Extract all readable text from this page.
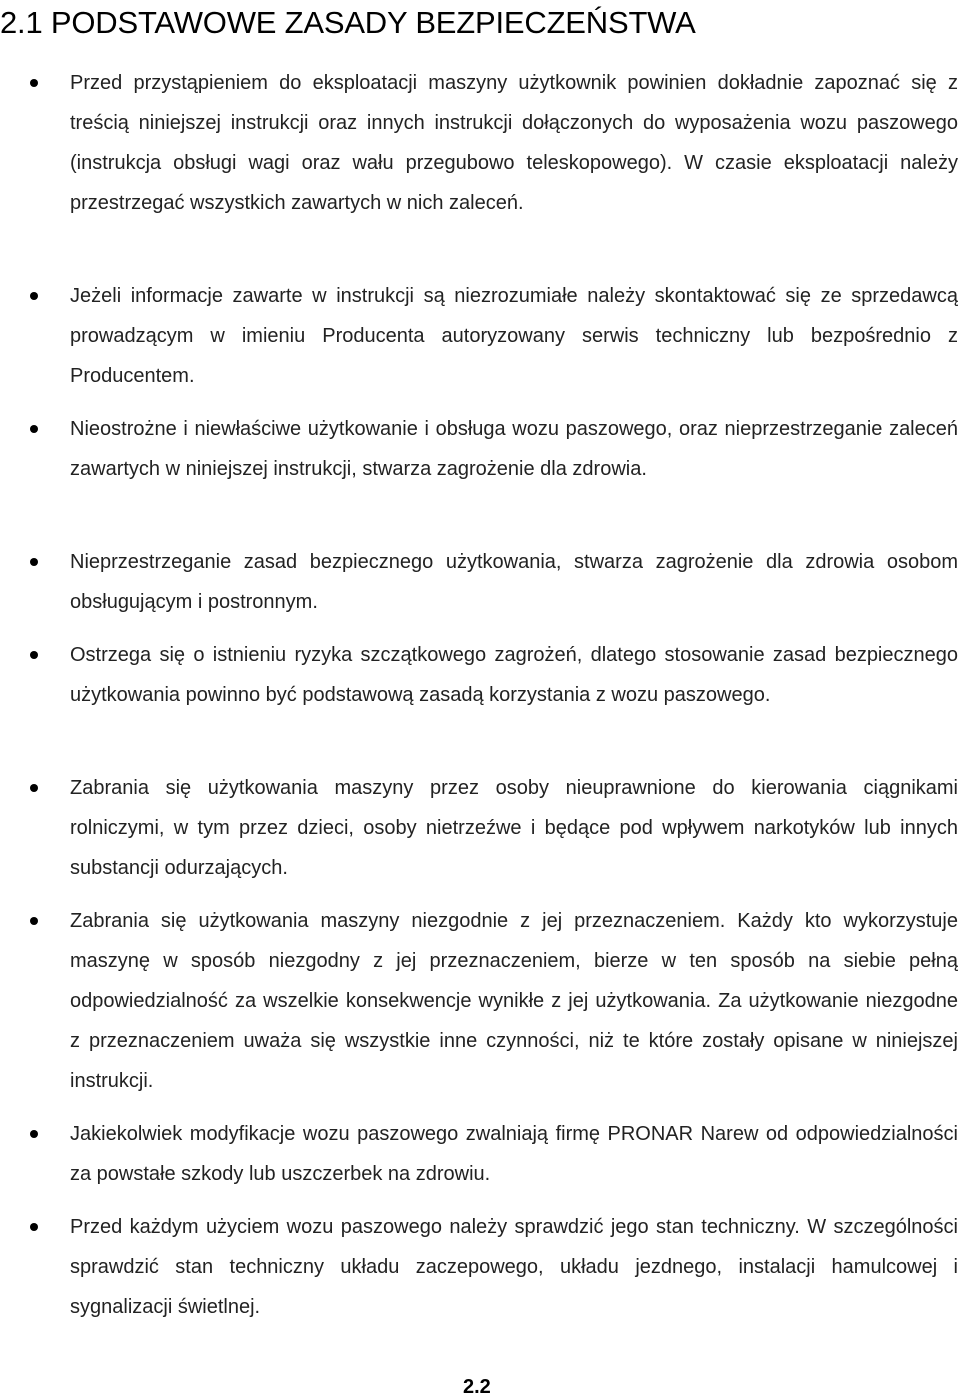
2.1 PODSTAWOWE ZASADY BEZPIECZEŃSTWA

Przed przystąpieniem do eksploatacji maszyny użytkownik powinien dokładnie zapoznać się z treścią niniejszej instrukcji oraz innych instrukcji dołączonych do wyposażenia wozu paszowego (instrukcja obsługi wagi oraz wału przegubowo teleskopowego). W czasie eksploatacji należy przestrzegać wszystkich zawartych w nich zaleceń.

Jeżeli informacje zawarte w instrukcji są niezrozumiałe należy skontaktować się ze sprzedawcą prowadzącym w imieniu Producenta autoryzowany serwis techniczny lub bezpośrednio z Producentem.

Nieostrożne i niewłaściwe użytkowanie i obsługa wozu paszowego, oraz nieprzestrzeganie zaleceń zawartych w niniejszej instrukcji, stwarza zagrożenie dla zdrowia.

Nieprzestrzeganie zasad bezpiecznego użytkowania, stwarza zagrożenie dla zdrowia osobom obsługującym i postronnym.

Ostrzega się o istnieniu ryzyka szczątkowego zagrożeń, dlatego stosowanie zasad bezpiecznego użytkowania powinno być podstawową zasadą korzystania z wozu paszowego.

Zabrania się użytkowania maszyny przez osoby nieuprawnione do kierowania ciągnikami rolniczymi, w tym przez dzieci, osoby nietrzeźwe i będące pod wpływem narkotyków lub innych substancji odurzających.

Zabrania się użytkowania maszyny niezgodnie z jej przeznaczeniem. Każdy kto wykorzystuje maszynę w sposób niezgodny z jej przeznaczeniem, bierze w ten sposób na siebie pełną odpowiedzialność za wszelkie konsekwencje wynikłe z jej użytkowania. Za użytkowanie niezgodne z przeznaczeniem uważa się wszystkie inne czynności, niż te które zostały opisane w niniejszej instrukcji.

Jakiekolwiek modyfikacje wozu paszowego zwalniają firmę PRONAR Narew od odpowiedzialności za powstałe szkody lub uszczerbek na zdrowiu.

Przed każdym użyciem wozu paszowego należy sprawdzić jego stan techniczny. W szczególności sprawdzić stan techniczny układu zaczepowego, układu jezdnego, instalacji hamulcowej i sygnalizacji świetlnej.

2.2
